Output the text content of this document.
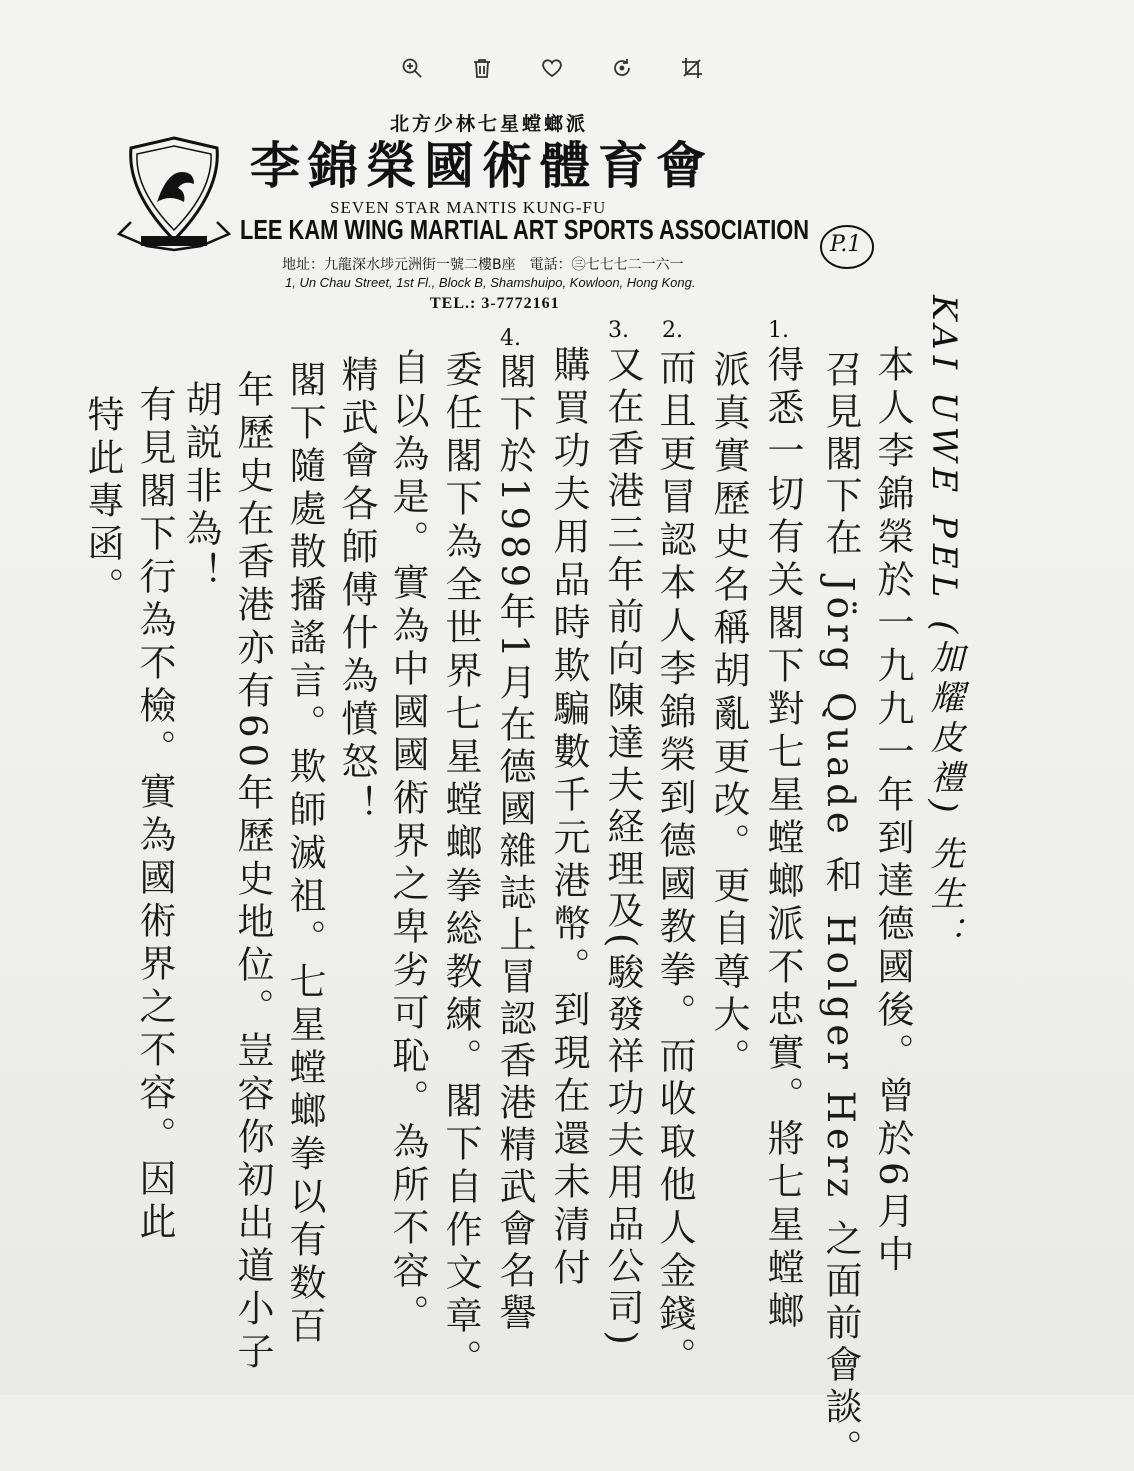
北方少林七星螳螂派
李錦榮國術體育會
SEVEN STAR MANTIS KUNG-FU
LEE KAM WING MARTIAL ART SPORTS ASSOCIATION
地址：九龍深水埗元洲街一號二樓B座　電話：㊂七七七二一六一
1, Un Chau Street, 1st Fl., Block B, Shamshuipo, Kowloon, Hong Kong.
TEL.: 3-7772161
P.1
KAI UWE PEL (加耀皮禮) 先生：
本人李錦榮於一九九一年到達德國後。曾於6月中
召見閣下在 Jörg Quade 和 Holger Herz 之面前會談。
得悉一切有关閣下對七星螳螂派不忠實。將七星螳螂
派真實歷史名稱胡亂更改。更自尊大。
而且更冒認本人李錦榮到德國教拳。而收取他人金錢。
又在香港三年前向陳達夫経理及(駿發祥功夫用品公司)
購買功夫用品時欺騙數千元港幣。到現在還未清付
閣下於1989年1月在德國雜誌上冒認香港精武會名譽
委任閣下為全世界七星螳螂拳総教練。閣下自作文章。
自以為是。實為中國國術界之卑劣可恥。為所不容。
精武會各師傅什為憤怒！
閣下隨處散播謠言。欺師滅祖。七星螳螂拳以有数百
年歷史在香港亦有60年歷史地位。豈容你初出道小子
胡説非為！
有見閣下行為不檢。實為國術界之不容。因此
特此專函。
1.
2.
3.
4.
